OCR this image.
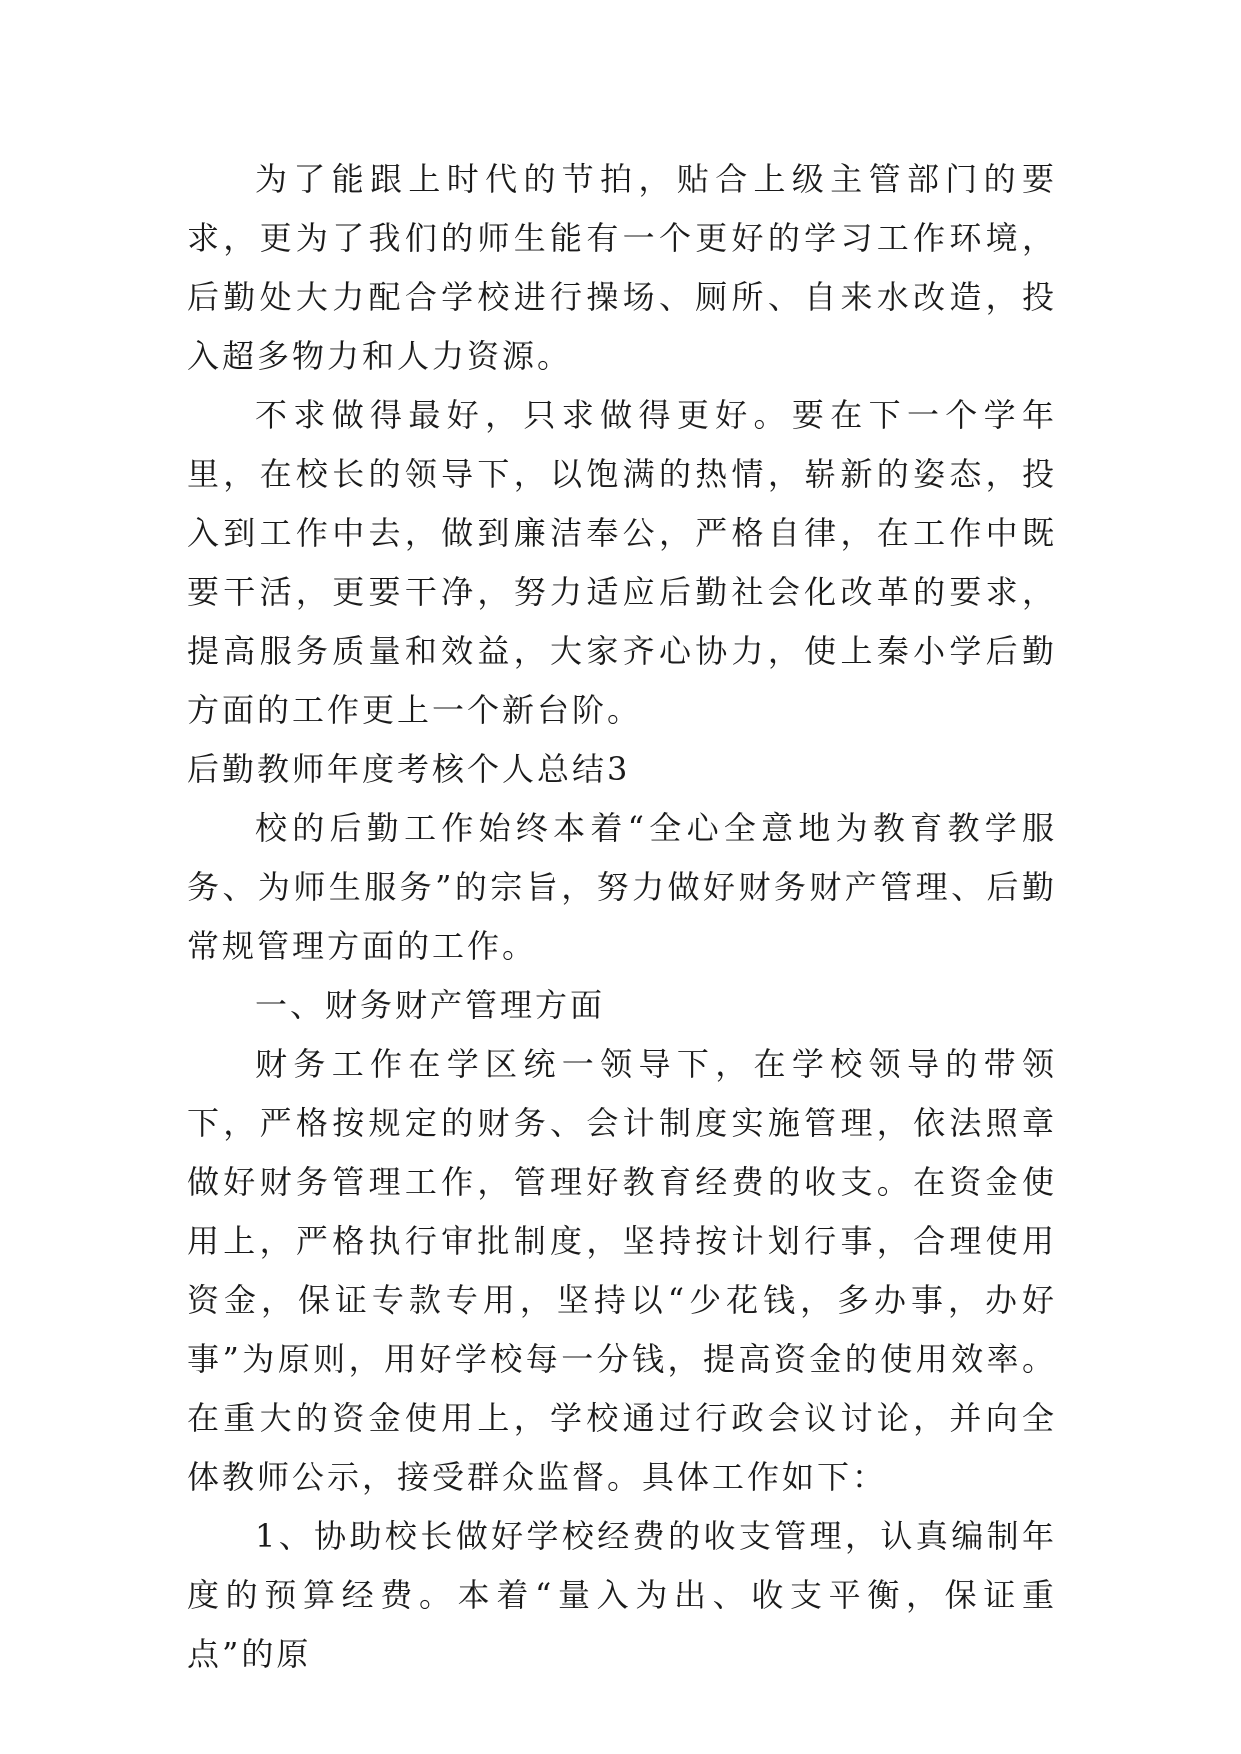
为了能跟上时代的节拍，贴合上级主管部门的要求，更为了我们的师生能有一个更好的学习工作环境，后勤处大力配合学校进行操场、厕所、自来水改造，投入超多物力和人力资源。

不求做得最好，只求做得更好。要在下一个学年里，在校长的领导下，以饱满的热情，崭新的姿态，投入到工作中去，做到廉洁奉公，严格自律，在工作中既要干活，更要干净，努力适应后勤社会化改革的要求，提高服务质量和效益，大家齐心协力，使上秦小学后勤方面的工作更上一个新台阶。

后勤教师年度考核个人总结3

校的后勤工作始终本着“全心全意地为教育教学服务、为师生服务”的宗旨，努力做好财务财产管理、后勤常规管理方面的工作。

一、财务财产管理方面

财务工作在学区统一领导下，在学校领导的带领下，严格按规定的财务、会计制度实施管理，依法照章做好财务管理工作，管理好教育经费的收支。在资金使用上，严格执行审批制度，坚持按计划行事，合理使用资金，保证专款专用，坚持以“少花钱，多办事，办好事”为原则，用好学校每一分钱，提高资金的使用效率。在重大的资金使用上，学校通过行政会议讨论，并向全体教师公示，接受群众监督。具体工作如下：

1、协助校长做好学校经费的收支管理，认真编制年度的预算经费。本着“量入为出、收支平衡，保证重点”的原
